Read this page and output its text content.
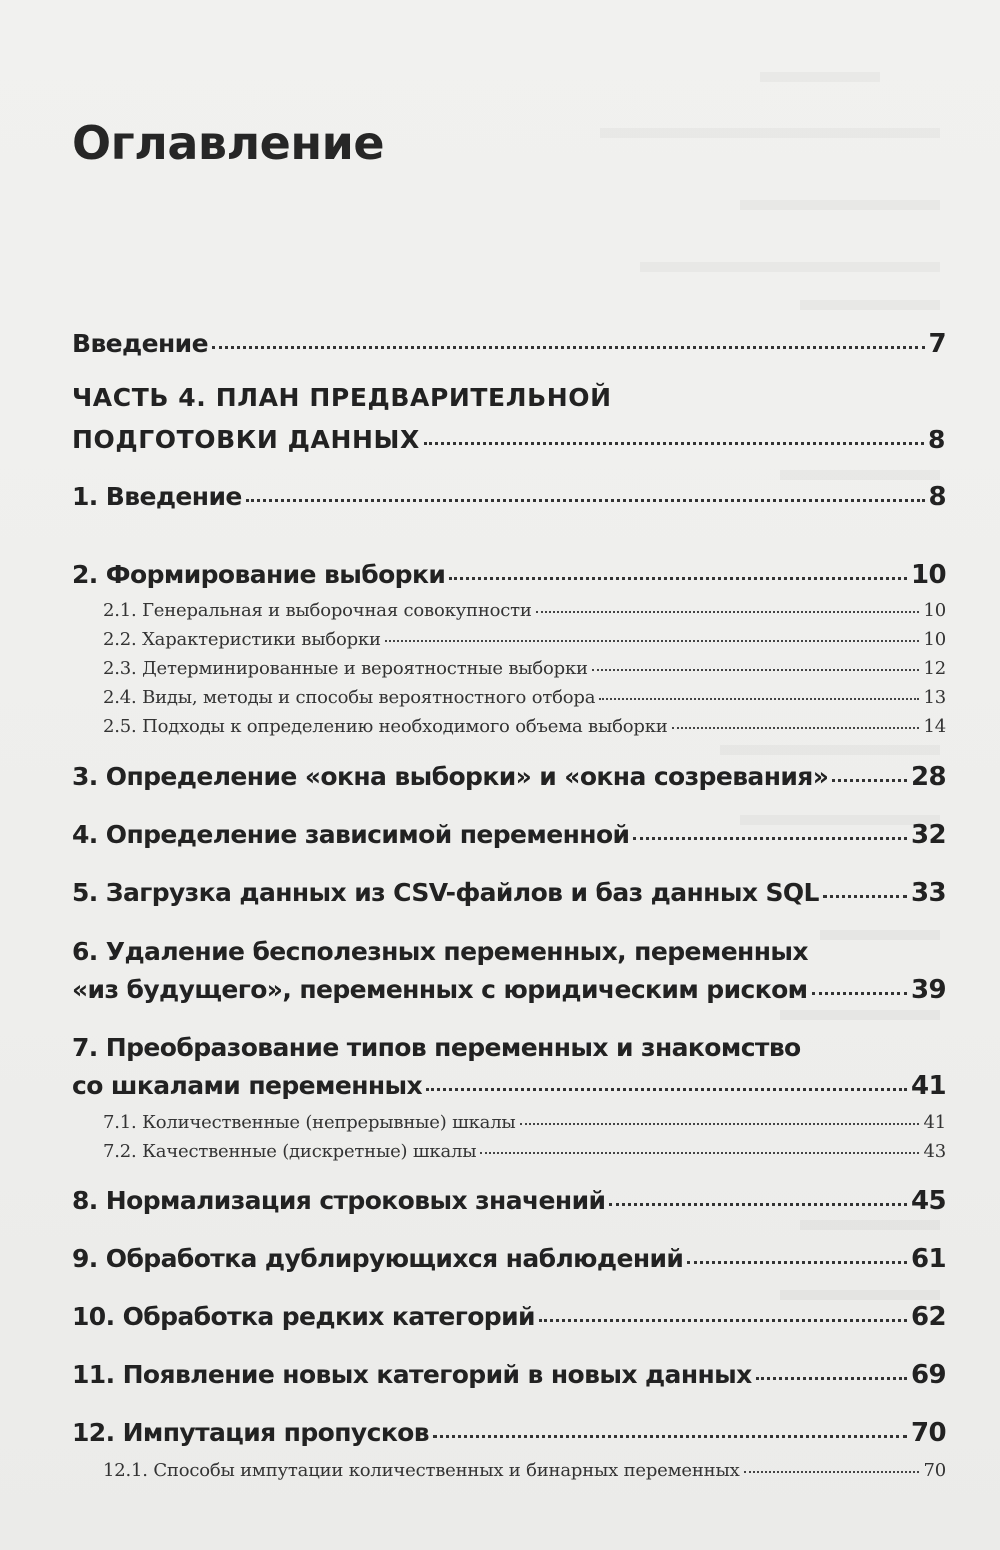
Оглавление
Введение	7
ЧАСТЬ 4. ПЛАН ПРЕДВАРИТЕЛЬНОЙ
ПОДГОТОВКИ ДАННЫХ	8
1. Введение	8
2. Формирование выборки	10
2.1. Генеральная и выборочная совокупности	10
2.2. Характеристики выборки	10
2.3. Детерминированные и вероятностные выборки	12
2.4. Виды, методы и способы вероятностного отбора	13
2.5. Подходы к определению необходимого объема выборки	14
3. Определение «окна выборки» и «окна созревания»	28
4. Определение зависимой переменной	32
5. Загрузка данных из CSV-файлов и баз данных SQL	33
6. Удаление бесполезных переменных, переменных
«из будущего», переменных с юридическим риском	39
7. Преобразование типов переменных и знакомство
со шкалами переменных	41
7.1. Количественные (непрерывные) шкалы	41
7.2. Качественные (дискретные) шкалы	43
8. Нормализация строковых значений	45
9. Обработка дублирующихся наблюдений	61
10. Обработка редких категорий	62
11. Появление новых категорий в новых данных	69
12. Импутация пропусков	70
12.1. Способы импутации количественных и бинарных переменных	70
